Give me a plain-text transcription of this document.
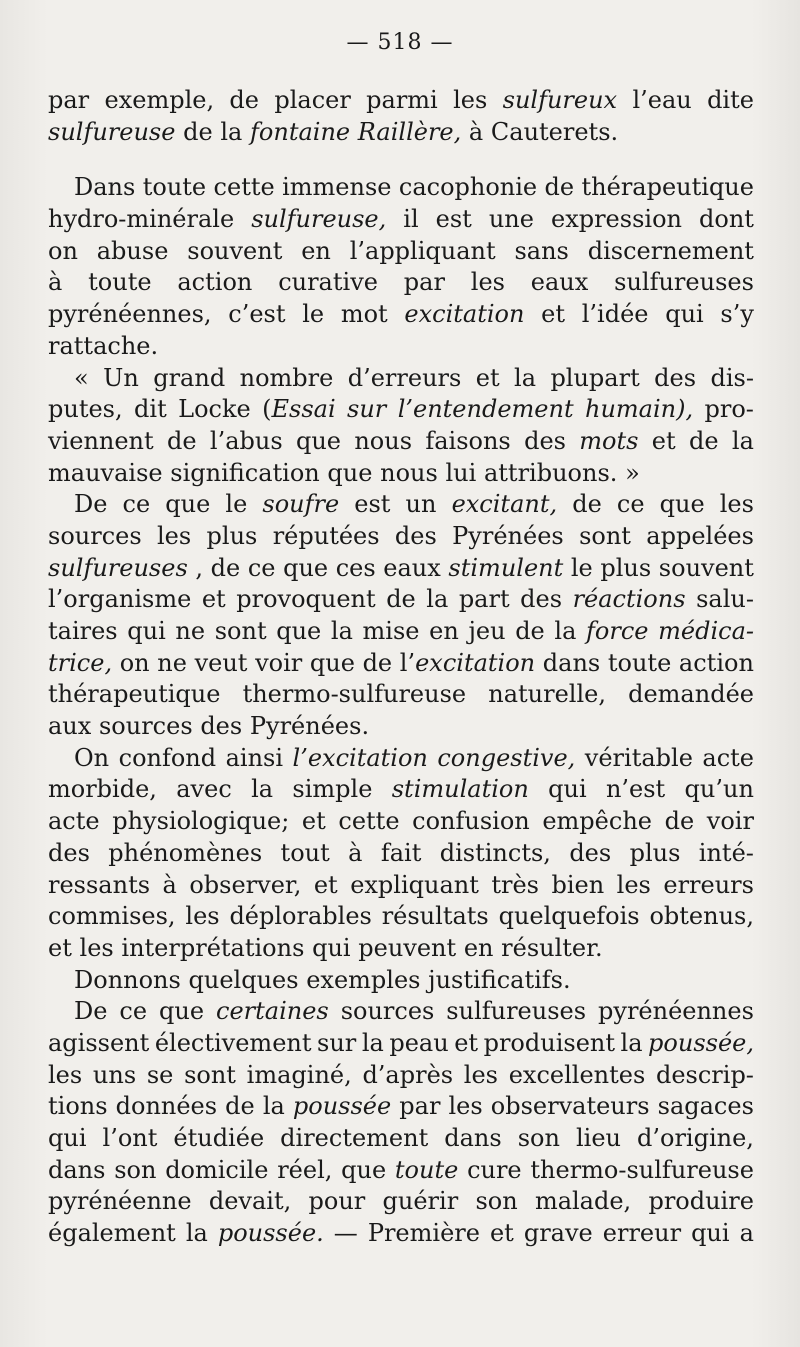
— 518 —
par exemple, de placer parmi les sulfureux l’eau dite
sulfureuse de la fontaine Raillère, à Cauterets.
Dans toute cette immense cacophonie de thérapeutique
hydro-minérale sulfureuse, il est une expression dont
on abuse souvent en l’appliquant sans discernement
à toute action curative par les eaux sulfureuses
pyrénéennes, c’est le mot excitation et l’idée qui s’y
rattache.
« Un grand nombre d’erreurs et la plupart des dis-
putes, dit Locke (Essai sur l’entendement humain), pro-
viennent de l’abus que nous faisons des mots et de la
mauvaise signification que nous lui attribuons. »
De ce que le soufre est un excitant, de ce que les
sources les plus réputées des Pyrénées sont appelées
sulfureuses , de ce que ces eaux stimulent le plus souvent
l’organisme et provoquent de la part des réactions salu-
taires qui ne sont que la mise en jeu de la force médica-
trice, on ne veut voir que de l’excitation dans toute action
thérapeutique thermo-sulfureuse naturelle, demandée
aux sources des Pyrénées.
On confond ainsi l’excitation congestive, véritable acte
morbide, avec la simple stimulation qui n’est qu’un
acte physiologique; et cette confusion empêche de voir
des phénomènes tout à fait distincts, des plus inté-
ressants à observer, et expliquant très bien les erreurs
commises, les déplorables résultats quelquefois obtenus,
et les interprétations qui peuvent en résulter.
Donnons quelques exemples justificatifs.
De ce que certaines sources sulfureuses pyrénéennes
agissent électivement sur la peau et produisent la poussée,
les uns se sont imaginé, d’après les excellentes descrip-
tions données de la poussée par les observateurs sagaces
qui l’ont étudiée directement dans son lieu d’origine,
dans son domicile réel, que toute cure thermo-sulfureuse
pyrénéenne devait, pour guérir son malade, produire
également la poussée. — Première et grave erreur qui a
